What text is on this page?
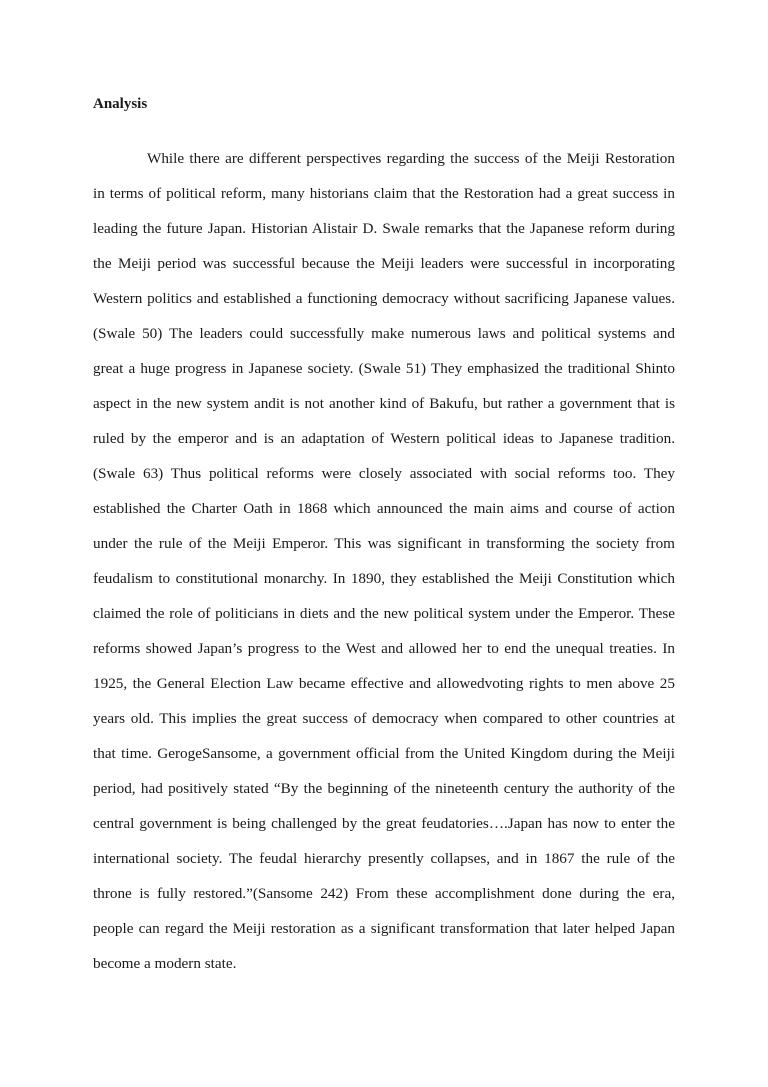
Analysis
While there are different perspectives regarding the success of the Meiji Restoration
in terms of political reform, many historians claim that the Restoration had a great success in
leading the future Japan. Historian Alistair D. Swale remarks that the Japanese reform during
the Meiji period was successful because the Meiji leaders were successful in incorporating
Western politics and established a functioning democracy without sacrificing Japanese values.
(Swale 50) The leaders could successfully make numerous laws and political systems and
great a huge progress in Japanese society. (Swale 51) They emphasized the traditional Shinto
aspect in the new system andit is not another kind of Bakufu, but rather a government that is
ruled by the emperor and is an adaptation of Western political ideas to Japanese tradition.
(Swale 63) Thus political reforms were closely associated with social reforms too. They
established the Charter Oath in 1868 which announced the main aims and course of action
under the rule of the Meiji Emperor. This was significant in transforming the society from
feudalism to constitutional monarchy. In 1890, they established the Meiji Constitution which
claimed the role of politicians in diets and the new political system under the Emperor. These
reforms showed Japan’s progress to the West and allowed her to end the unequal treaties. In
1925, the General Election Law became effective and allowedvoting rights to men above 25
years old. This implies the great success of democracy when compared to other countries at
that time. GerogeSansome, a government official from the United Kingdom during the Meiji
period, had positively stated “By the beginning of the nineteenth century the authority of the
central government is being challenged by the great feudatories….Japan has now to enter the
international society. The feudal hierarchy presently collapses, and in 1867 the rule of the
throne is fully restored.”(Sansome 242) From these accomplishment done during the era,
people can regard the Meiji restoration as a significant transformation that later helped Japan
become a modern state.
